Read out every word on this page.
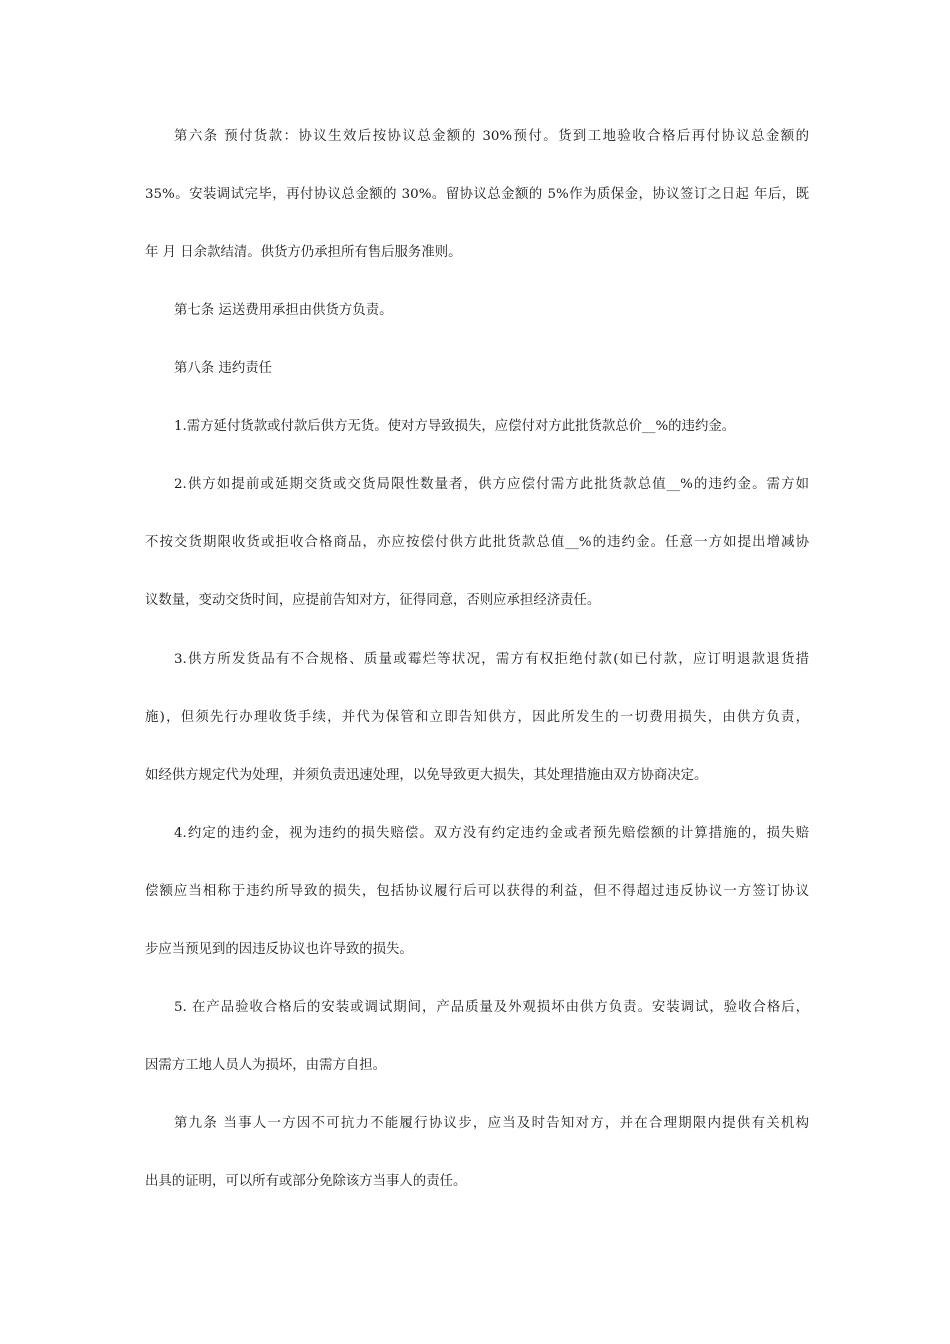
第六条 预付货款：协议生效后按协议总金额的 30%预付。货到工地验收合格后再付协议总金额的
35%。安装调试完毕，再付协议总金额的 30%。留协议总金额的 5%作为质保金，协议签订之日起 年后，既
年 月 日余款结清。供货方仍承担所有售后服务准则。
第七条 运送费用承担由供货方负责。
第八条 违约责任
1.需方延付货款或付款后供方无货。使对方导致损失，应偿付对方此批货款总价__%的违约金。
2.供方如提前或延期交货或交货局限性数量者，供方应偿付需方此批货款总值__%的违约金。需方如
不按交货期限收货或拒收合格商品，亦应按偿付供方此批货款总值__%的违约金。任意一方如提出增减协
议数量，变动交货时间，应提前告知对方，征得同意，否则应承担经济责任。
3.供方所发货品有不合规格、质量或霉烂等状况，需方有权拒绝付款(如已付款，应订明退款退货措
施)，但须先行办理收货手续，并代为保管和立即告知供方，因此所发生的一切费用损失，由供方负责，
如经供方规定代为处理，并须负责迅速处理，以免导致更大损失，其处理措施由双方协商决定。
4.约定的违约金，视为违约的损失赔偿。双方没有约定违约金或者预先赔偿额的计算措施的，损失赔
偿额应当相称于违约所导致的损失，包括协议履行后可以获得的利益，但不得超过违反协议一方签订协议
步应当预见到的因违反协议也许导致的损失。
5. 在产品验收合格后的安装或调试期间，产品质量及外观损坏由供方负责。安装调试，验收合格后，
因需方工地人员人为损坏，由需方自担。
第九条 当事人一方因不可抗力不能履行协议步，应当及时告知对方，并在合理期限内提供有关机构
出具的证明，可以所有或部分免除该方当事人的责任。
